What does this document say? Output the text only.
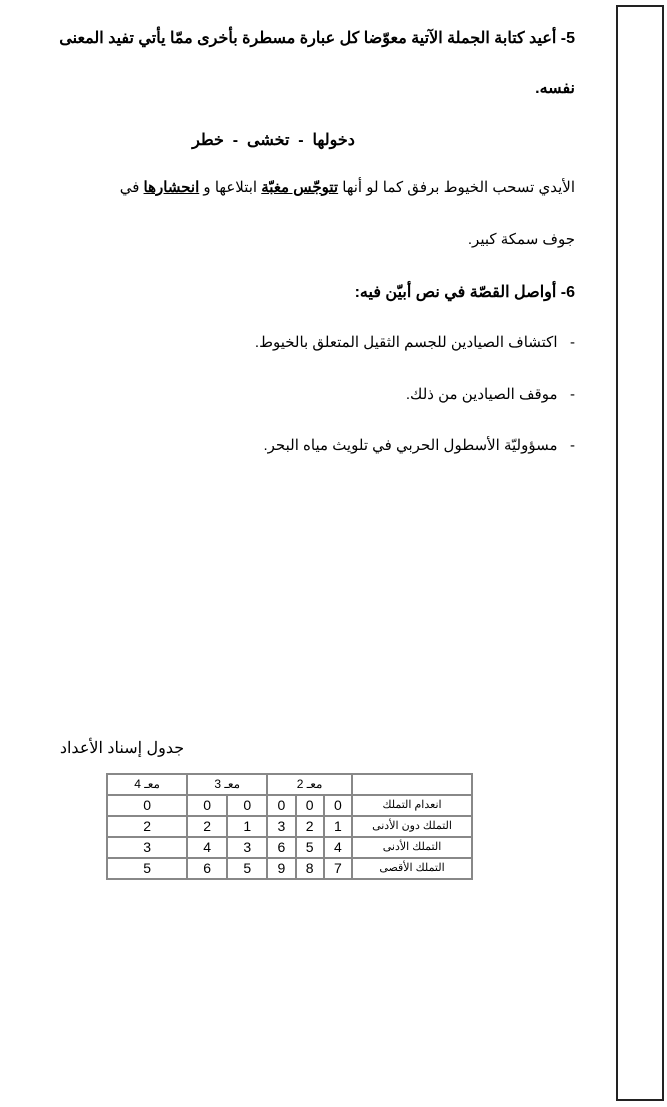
5- أعيد كتابة الجملة الآتية معوّضا كل عبارة مسطرة بأخرى ممّا يأتي تفيد المعنى
نفسه.
دخولها  -  تخشى  -  خطر
الأيدي تسحب الخيوط برفق كما لو أنها تتوجّس مغبّة ابتلاعها و انحشارها في
جوف سمكة كبير.
6- أواصل القصّة في نص أبيّن فيه:
-   اكتشاف الصيادين للجسم الثقيل المتعلق بالخيوط.
-   موقف الصيادين من ذلك.
-   مسؤوليّة الأسطول الحربي في تلويث مياه البحر.
جدول إسناد الأعداد
	معـ 2			معـ 3		معـ 4
انعدام التملك	0	0	0	0	0	0
التملك دون الأدنى	1	2	3	1	2	2
التملك الأدنى	4	5	6	3	4	3
التملك الأقصى	7	8	9	5	6	5
